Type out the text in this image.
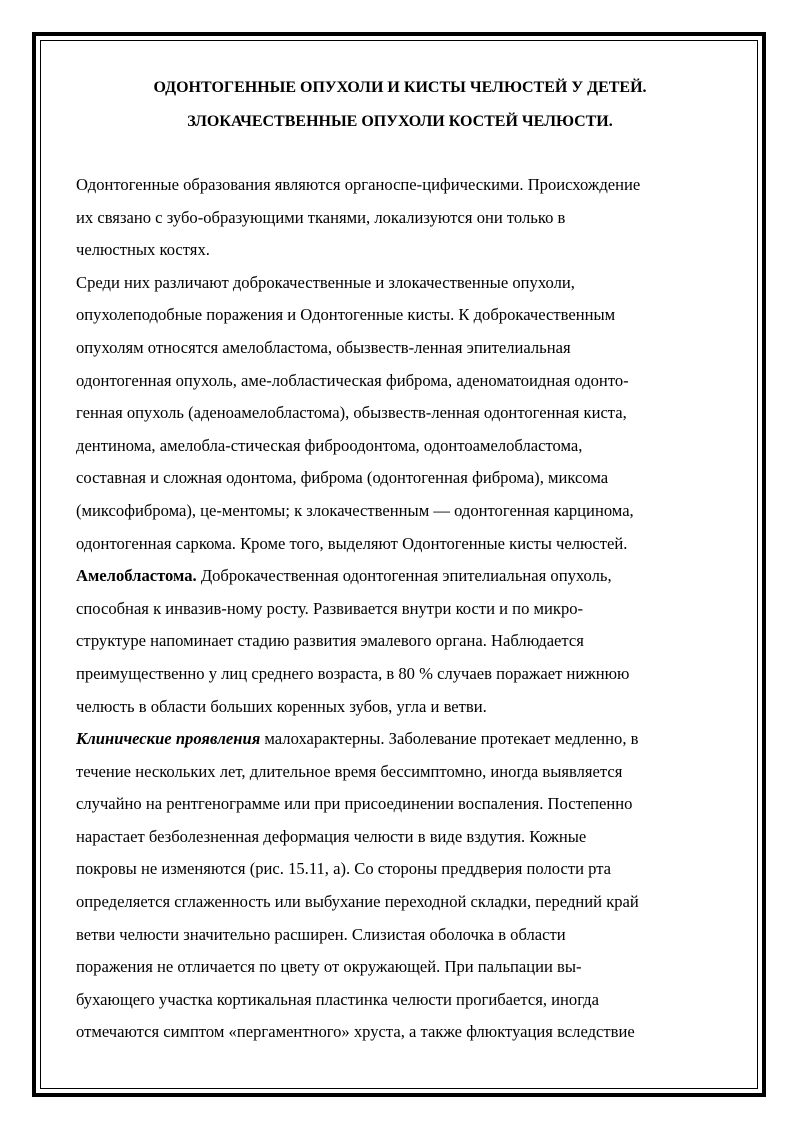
ОДОНТОГЕННЫЕ ОПУХОЛИ И КИСТЫ ЧЕЛЮСТЕЙ У ДЕТЕЙ.
ЗЛОКАЧЕСТВЕННЫЕ ОПУХОЛИ КОСТЕЙ ЧЕЛЮСТИ.
Одонтогенные образования являются органоспе-цифическими. Происхождение
их связано с зубо-образующими тканями, локализуются они только в
челюстных костях.
Среди них различают доброкачественные и злокачественные опухоли,
опухолеподобные поражения и Одонтогенные кисты. К доброкачественным
опухолям относятся амелобластома, обызвеств-ленная эпителиальная
одонтогенная опухоль, аме-лобластическая фиброма, аденоматоидная одонто-
генная опухоль (аденоамелобластома), обызвеств-ленная одонтогенная киста,
дентинома, амелобла-стическая фиброодонтома, одонтоамелобластома,
составная и сложная одонтома, фиброма (одонтогенная фиброма), миксома
(миксофиброма), це-ментомы; к злокачественным — одонтогенная карцинома,
одонтогенная саркома. Кроме того, выделяют Одонтогенные кисты челюстей.
Амелобластома. Доброкачественная одонтогенная эпителиальная опухоль,
способная к инвазив-ному росту. Развивается внутри кости и по микро-
структуре напоминает стадию развития эмалевого органа. Наблюдается
преимущественно у лиц среднего возраста, в 80 % случаев поражает нижнюю
челюсть в области больших коренных зубов, угла и ветви.
Клинические проявления малохарактерны. Заболевание протекает медленно, в
течение нескольких лет, длительное время бессимптомно, иногда выявляется
случайно на рентгенограмме или при присоединении воспаления. Постепенно
нарастает безболезненная деформация челюсти в виде вздутия. Кожные
покровы не изменяются (рис. 15.11, а). Со стороны преддверия полости рта
определяется сглаженность или выбухание переходной складки, передний край
ветви челюсти значительно расширен. Слизистая оболочка в области
поражения не отличается по цвету от окружающей. При пальпации вы-
бухающего участка кортикальная пластинка челюсти прогибается, иногда
отмечаются симптом «пергаментного» хруста, а также флюктуация вследствие
